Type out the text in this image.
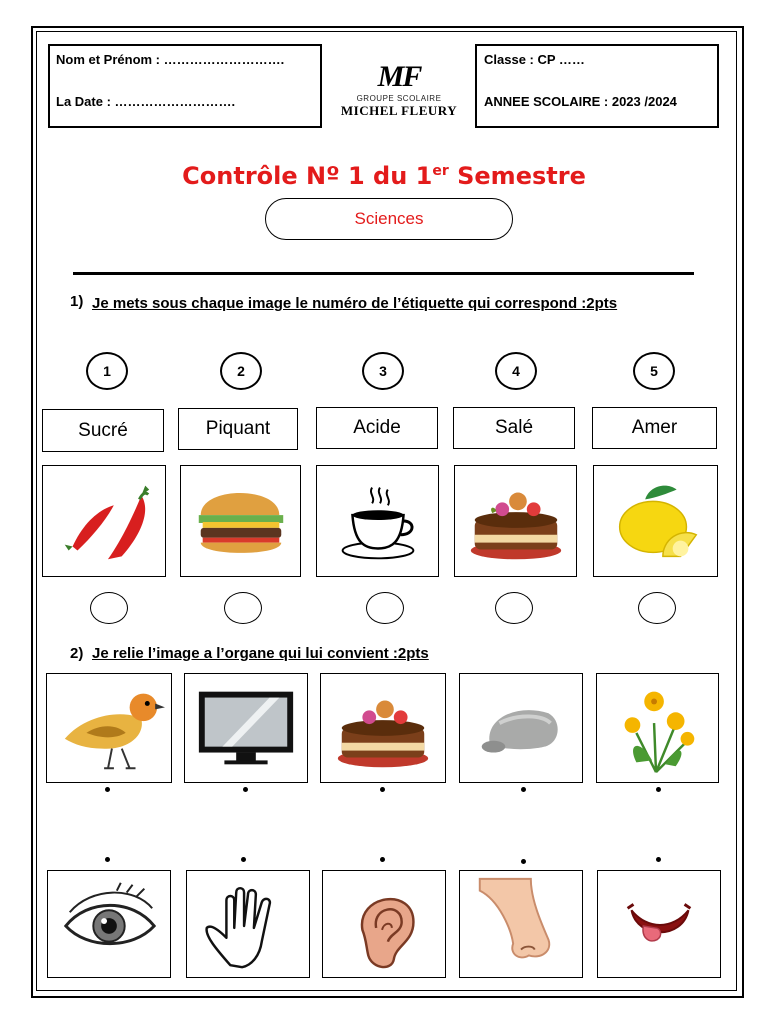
Nom et Prénom : ……………………….
La Date : ……………………….
MF
GROUPE SCOLAIRE
MICHEL FLEURY
Classe : CP ……
ANNEE SCOLAIRE : 2023 /2024
Contrôle Nº 1 du 1er Semestre
Sciences
1) Je mets sous chaque image le numéro de l’étiquette qui correspond :2pts
1	2	3	4	5
Sucré	Piquant	Acide	Salé	Amer
2) Je relie l’image a l’organe qui lui convient :2pts
